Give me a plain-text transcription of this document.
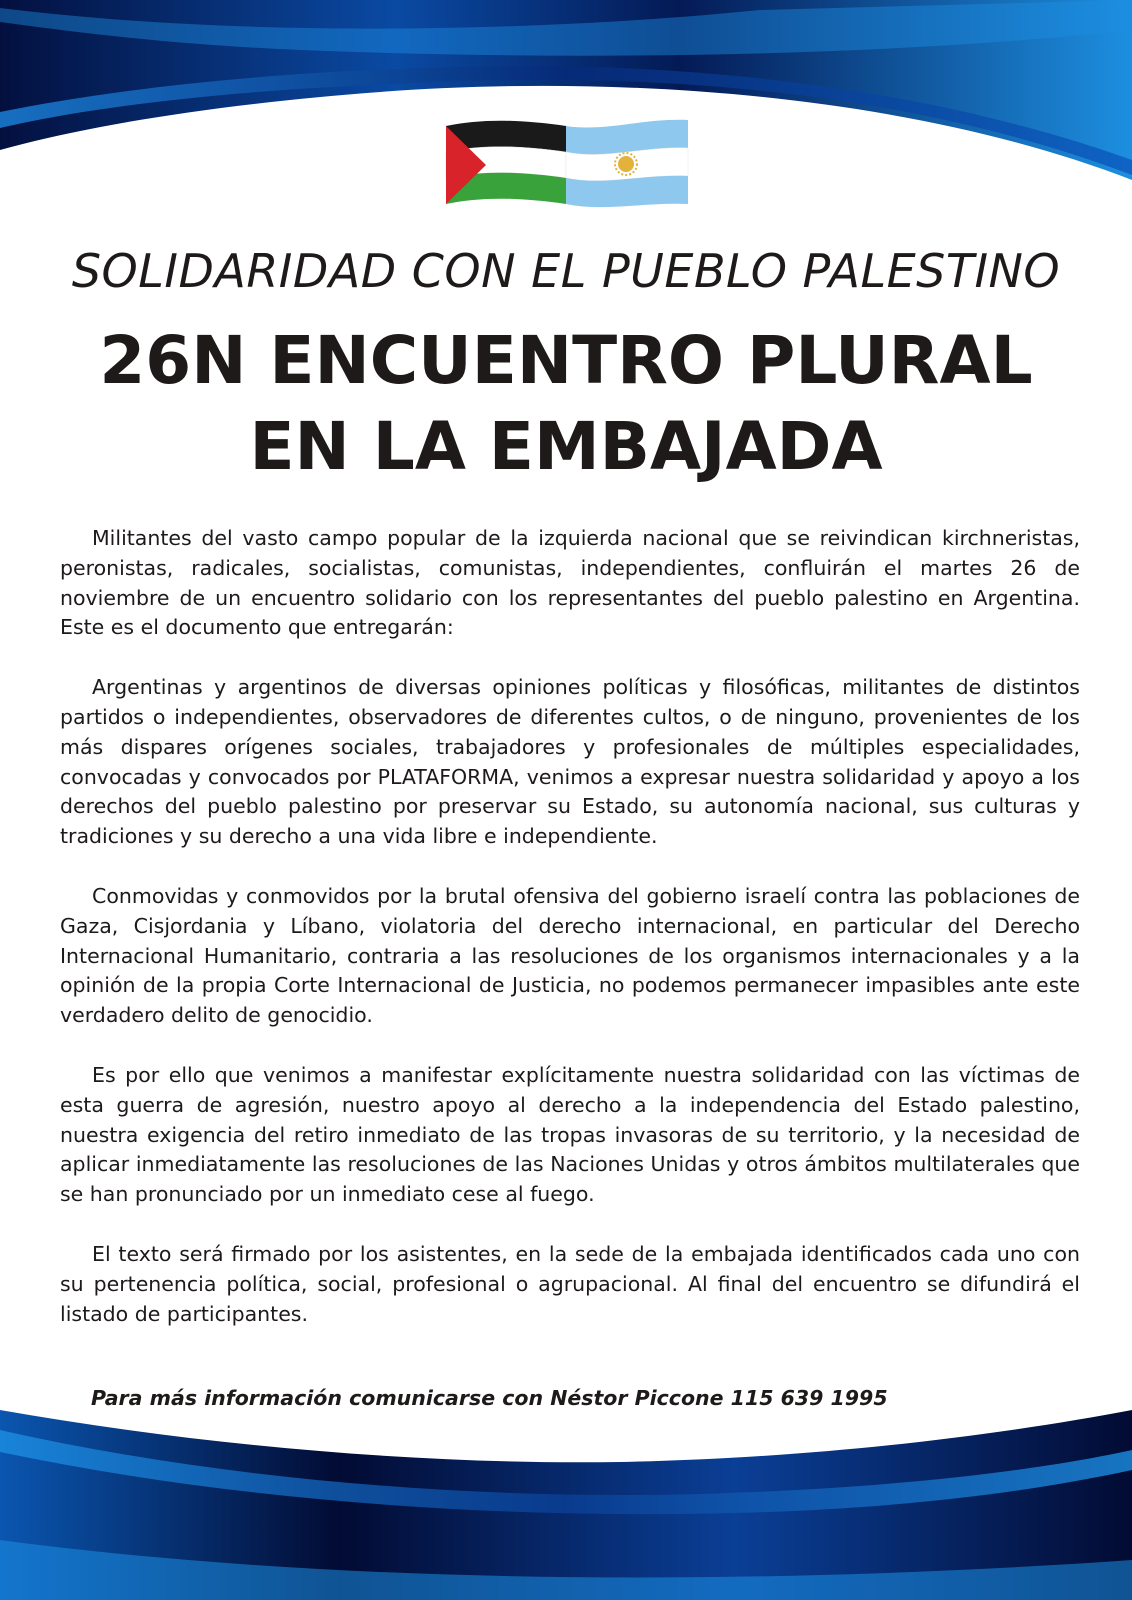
SOLIDARIDAD CON EL PUEBLO PALESTINO
26N ENCUENTRO PLURAL
EN LA EMBAJADA

Militantes del vasto campo popular de la izquierda nacional que se reivindican kirchneristas, peronistas, radicales, socialistas, comunistas, independientes, confluirán el martes 26 de noviembre de un encuentro solidario con los representantes del pueblo palestino en Argentina. Este es el documento que entregarán:

Argentinas y argentinos de diversas opiniones políticas y filosóficas, militantes de distintos partidos o independientes, observadores de diferentes cultos, o de ninguno, provenientes de los más dispares orígenes sociales, trabajadores y profesionales de múltiples especialidades, convocadas y convocados por PLATAFORMA, venimos a expresar nuestra solidaridad y apoyo a los derechos del pueblo palestino por preservar su Estado, su autonomía nacional, sus culturas y tradiciones y su derecho a una vida libre e independiente.

Conmovidas y conmovidos por la brutal ofensiva del gobierno israelí contra las poblaciones de Gaza, Cisjordania y Líbano, violatoria del derecho internacional, en particular del Derecho Internacional Humanitario, contraria a las resoluciones de los organismos internacionales y a la opinión de la propia Corte Internacional de Justicia, no podemos permanecer impasibles ante este verdadero delito de genocidio.

Es por ello que venimos a manifestar explícitamente nuestra solidaridad con las víctimas de esta guerra de agresión, nuestro apoyo al derecho a la independencia del Estado palestino, nuestra exigencia del retiro inmediato de las tropas invasoras de su territorio, y la necesidad de aplicar inmediatamente las resoluciones de las Naciones Unidas y otros ámbitos multilaterales que se han pronunciado por un inmediato cese al fuego.

El texto será firmado por los asistentes, en la sede de la embajada identificados cada uno con su pertenencia política, social, profesional o agrupacional. Al final del encuentro se difundirá el listado de participantes.

Para más información comunicarse con Néstor Piccone 115 639 1995
